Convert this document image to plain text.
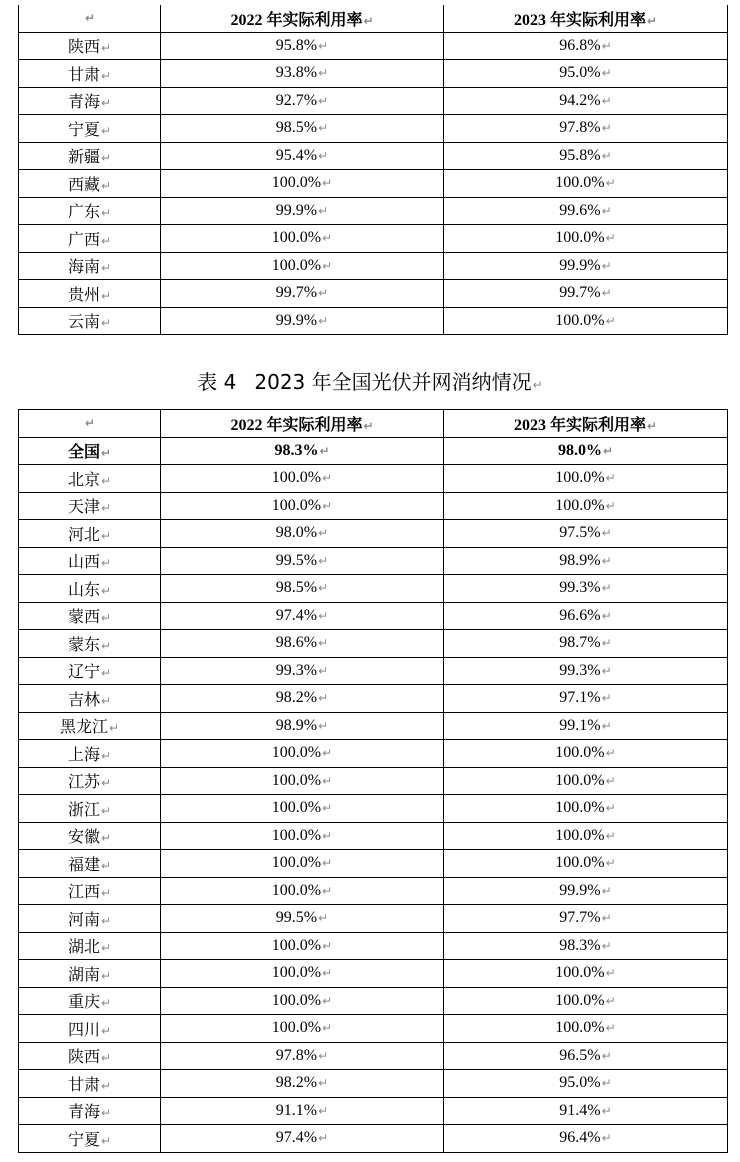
↵	2022 年实际利用率↵	2023 年实际利用率↵
陕西↵	95.8%↵	96.8%↵
甘肃↵	93.8%↵	95.0%↵
青海↵	92.7%↵	94.2%↵
宁夏↵	98.5%↵	97.8%↵
新疆↵	95.4%↵	95.8%↵
西藏↵	100.0%↵	100.0%↵
广东↵	99.9%↵	99.6%↵
广西↵	100.0%↵	100.0%↵
海南↵	100.0%↵	99.9%↵
贵州↵	99.7%↵	99.7%↵
云南↵	99.9%↵	100.0%↵
表 4 2023 年全国光伏并网消纳情况↵
↵	2022 年实际利用率↵	2023 年实际利用率↵
全国↵	98.3%↵	98.0%↵
北京↵	100.0%↵	100.0%↵
天津↵	100.0%↵	100.0%↵
河北↵	98.0%↵	97.5%↵
山西↵	99.5%↵	98.9%↵
山东↵	98.5%↵	99.3%↵
蒙西↵	97.4%↵	96.6%↵
蒙东↵	98.6%↵	98.7%↵
辽宁↵	99.3%↵	99.3%↵
吉林↵	98.2%↵	97.1%↵
黑龙江↵	98.9%↵	99.1%↵
上海↵	100.0%↵	100.0%↵
江苏↵	100.0%↵	100.0%↵
浙江↵	100.0%↵	100.0%↵
安徽↵	100.0%↵	100.0%↵
福建↵	100.0%↵	100.0%↵
江西↵	100.0%↵	99.9%↵
河南↵	99.5%↵	97.7%↵
湖北↵	100.0%↵	98.3%↵
湖南↵	100.0%↵	100.0%↵
重庆↵	100.0%↵	100.0%↵
四川↵	100.0%↵	100.0%↵
陕西↵	97.8%↵	96.5%↵
甘肃↵	98.2%↵	95.0%↵
青海↵	91.1%↵	91.4%↵
宁夏↵	97.4%↵	96.4%↵
